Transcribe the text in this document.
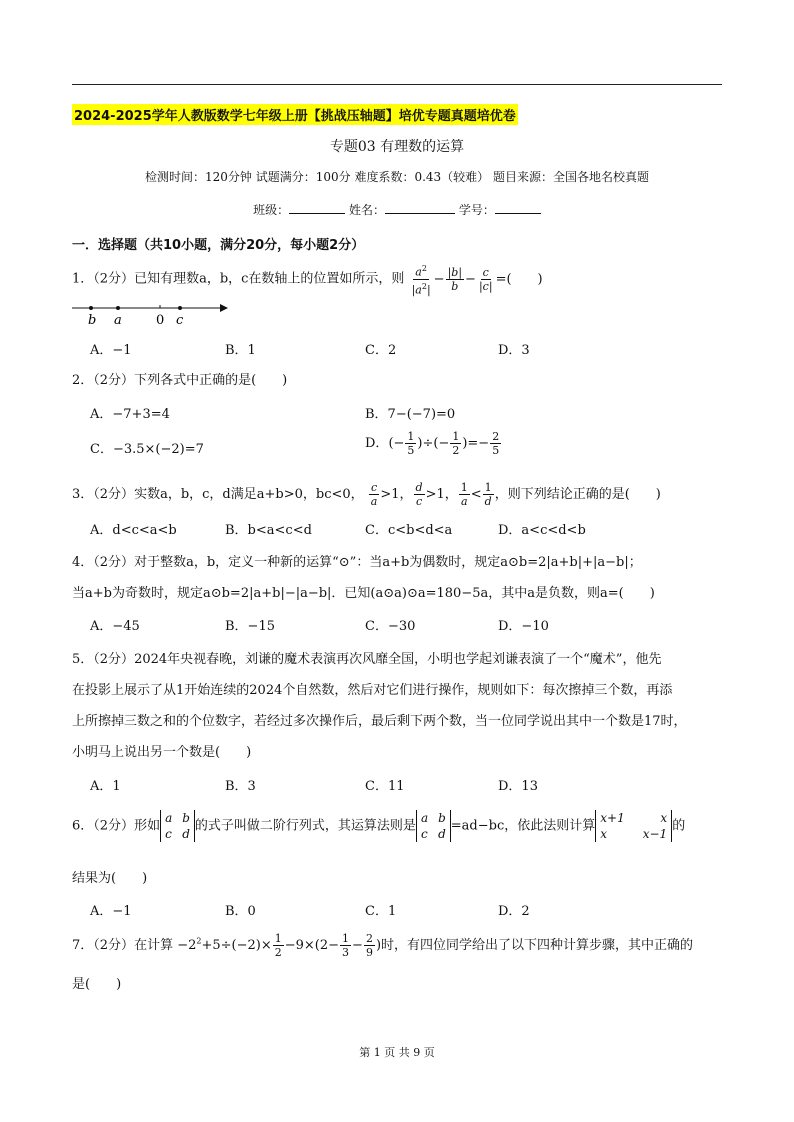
2024-2025学年人教版数学七年级上册【挑战压轴题】培优专题真题培优卷
专题03 有理数的运算
检测时间：120分钟 试题满分：100分 难度系数：0.43（较难） 题目来源：全国各地名校真题
班级：	姓名：	学号：
一．选择题（共10小题，满分20分，每小题2分）
1．（2分）已知有理数a，b，c在数轴上的位置如所示，则 $\frac{a^2}{|a^2|} - \frac{|b|}{b} - \frac{c}{|c|}$ =( )
b a	0 c
A．−1	B．1	C．2	D．3
2．（2分）下列各式中正确的是( )
A．−7+3=4	B．7−(−7)=0
C．−3.5×(−2)=7	D．(− $\frac{1}{5}$ )÷(− $\frac{1}{2}$ )=− $\frac{2}{5}$
3．（2分）实数a，b，c，d满足a+b>0，bc<0， $\frac{c}{a} >1$， $\frac{d}{c} >1$， $\frac{1}{a} < \frac{1}{d}$ ，则下列结论正确的是( )
A．d<c<a<b	B．b<a<c<d	C．c<b<d<a	D．a<c<d<b
4．（2分）对于整数a，b，定义一种新的运算“⊙”：当a+b为偶数时，规定a⊙b=2|a+b|+|a−b|；
当a+b为奇数时，规定a⊙b=2|a+b|−|a−b|．已知(a⊙a)⊙a=180−5a，其中a是负数，则a=( )
A．−45	B．−15	C．−30	D．−10
5．（2分）2024年央视春晚，刘谦的魔术表演再次风靡全国，小明也学起刘谦表演了一个“魔术”，他先
在投影上展示了从1开始连续的2024个自然数，然后对它们进行操作，规则如下：每次擦掉三个数，再添
上所擦掉三数之和的个位数字，若经过多次操作后，最后剩下两个数，当一位同学说出其中一个数是17时，
小明马上说出另一个数是( )
A．1	B．3	C．11	D．13
6．（2分）形如
a b
c d
的式子叫做二阶行列式，其运算法则是
a b
c d
=ad−bc，依此法则计算
x+1	x
x	x−1
的
结果为( )
A．−1	B．0	C．1	D．2
7．（2分）在计算 $-2^2+5\div(-2)\times \frac{1}{2} -9\times(2- \frac{1}{3} - \frac{2}{9}$ )时，有四位同学给出了以下四种计算步骤，其中正确的
是( )
第 1 页 共 9 页
